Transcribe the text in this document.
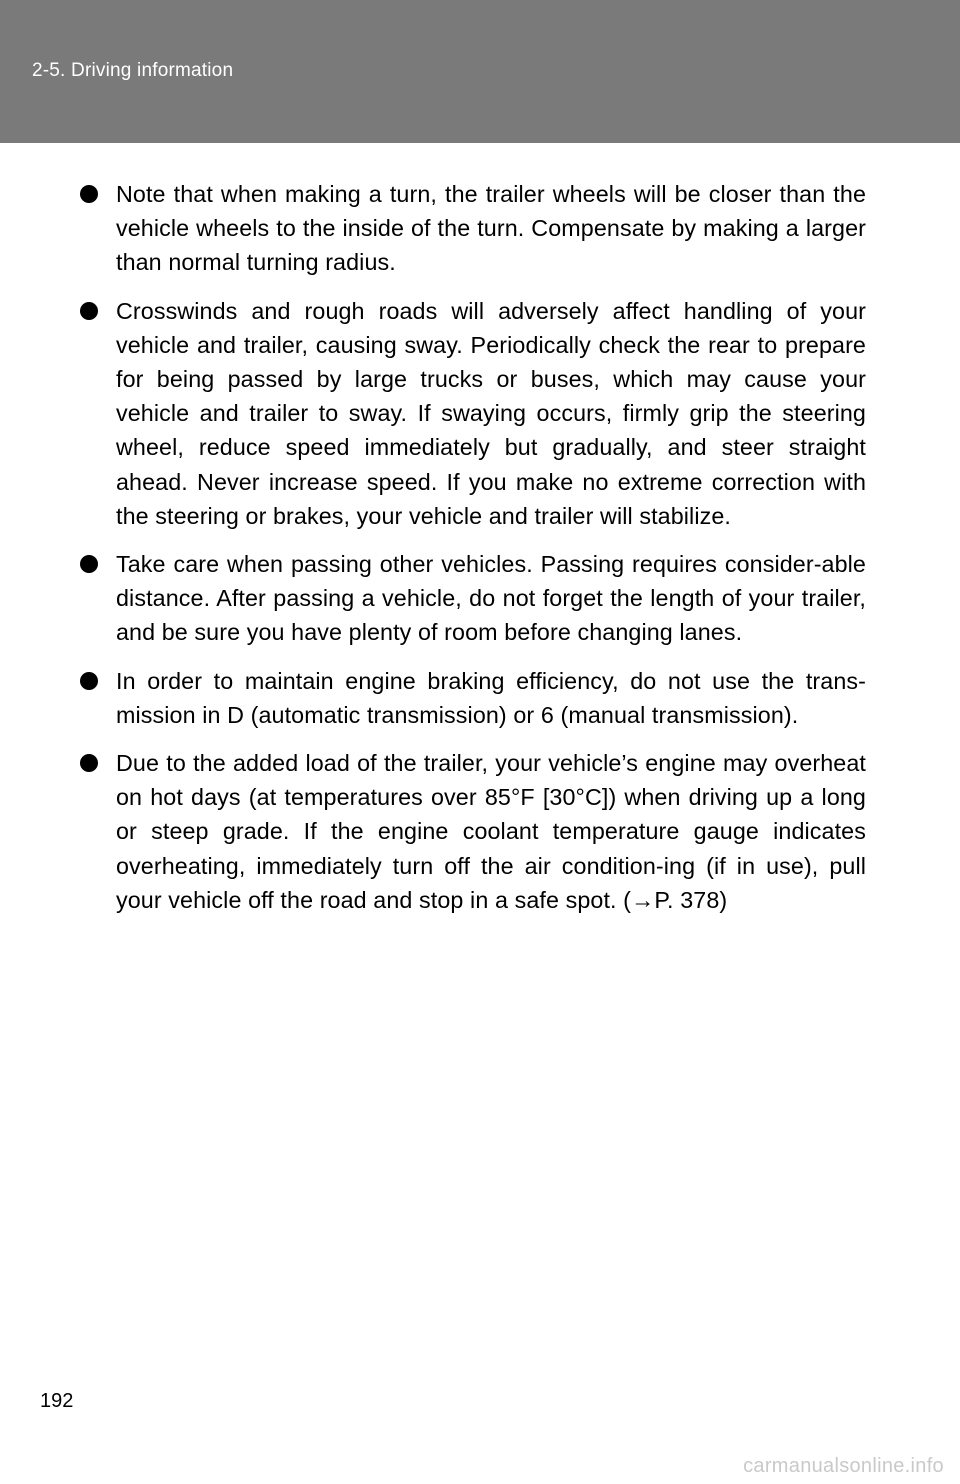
2-5. Driving information
Note that when making a turn, the trailer wheels will be closer than the vehicle wheels to the inside of the turn. Compensate by making a larger than normal turning radius.
Crosswinds and rough roads will adversely affect handling of your vehicle and trailer, causing sway. Periodically check the rear to prepare for being passed by large trucks or buses, which may cause your vehicle and trailer to sway. If swaying occurs, firmly grip the steering wheel, reduce speed immediately but gradually, and steer straight ahead. Never increase speed. If you make no extreme correction with the steering or brakes, your vehicle and trailer will stabilize.
Take care when passing other vehicles. Passing requires consider-able distance. After passing a vehicle, do not forget the length of your trailer, and be sure you have plenty of room before changing lanes.
In order to maintain engine braking efficiency, do not use the trans-mission in D (automatic transmission) or 6 (manual transmission).
Due to the added load of the trailer, your vehicle’s engine may overheat on hot days (at temperatures over 85°F [30°C]) when driving up a long or steep grade. If the engine coolant temperature gauge indicates overheating, immediately turn off the air condition-ing (if in use), pull your vehicle off the road and stop in a safe spot. (→P. 378)
192
carmanualsonline.info
